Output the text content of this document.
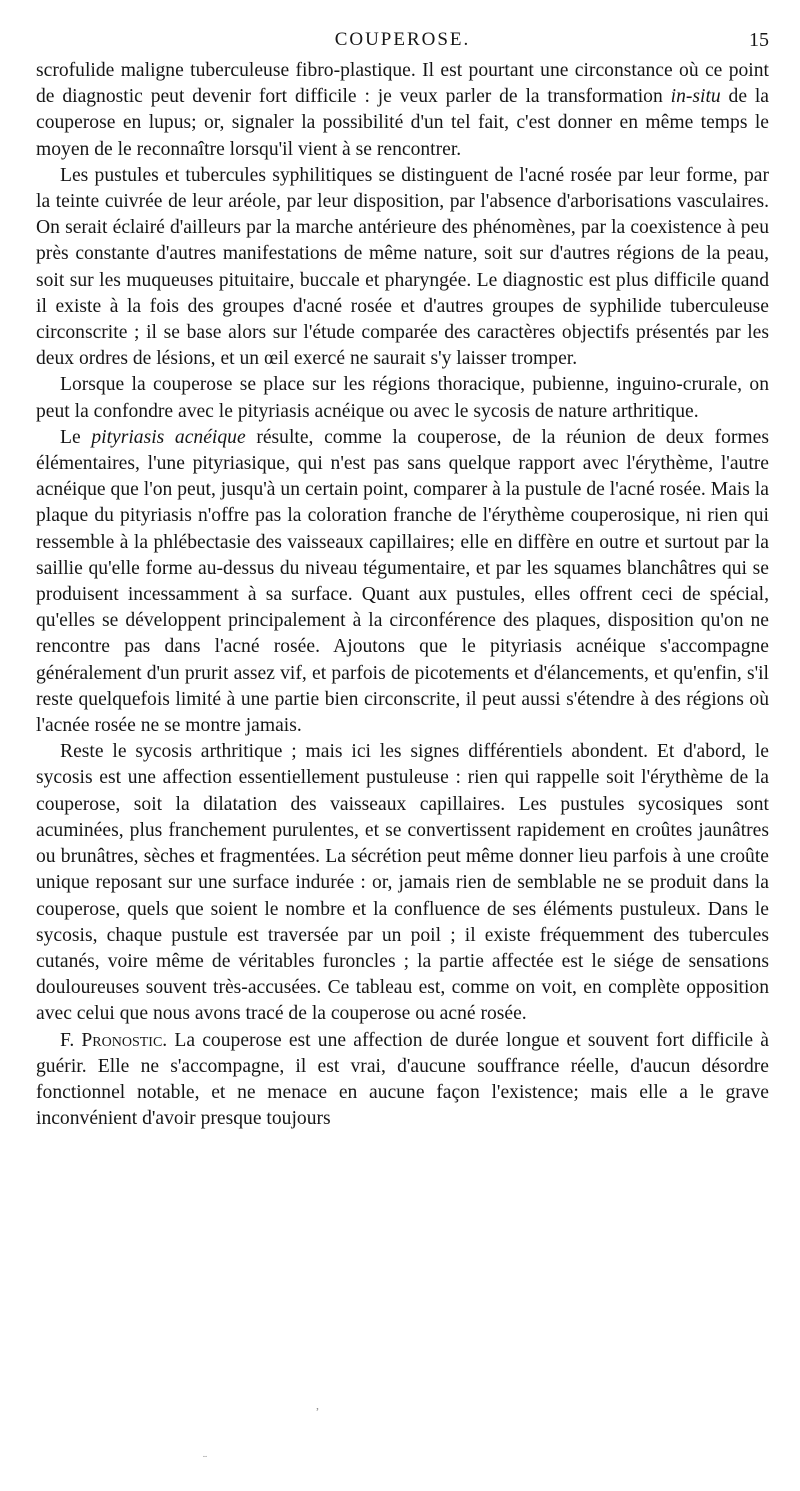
COUPEROSE.	15

scrofulide maligne tuberculeuse fibro-plastique. Il est pourtant une circonstance où ce point de diagnostic peut devenir fort difficile : je veux parler de la transformation in-situ de la couperose en lupus; or, signaler la possibilité d'un tel fait, c'est donner en même temps le moyen de le reconnaître lorsqu'il vient à se rencontrer.

Les pustules et tubercules syphilitiques se distinguent de l'acné rosée par leur forme, par la teinte cuivrée de leur aréole, par leur disposition, par l'absence d'arborisations vasculaires. On serait éclairé d'ailleurs par la marche antérieure des phénomènes, par la coexistence à peu près constante d'autres manifestations de même nature, soit sur d'autres régions de la peau, soit sur les muqueuses pituitaire, buccale et pharyngée. Le diagnostic est plus difficile quand il existe à la fois des groupes d'acné rosée et d'autres groupes de syphilide tuberculeuse circonscrite ; il se base alors sur l'étude comparée des caractères objectifs présentés par les deux ordres de lésions, et un œil exercé ne saurait s'y laisser tromper.

Lorsque la couperose se place sur les régions thoracique, pubienne, inguino-crurale, on peut la confondre avec le pityriasis acnéique ou avec le sycosis de nature arthritique.

Le pityriasis acnéique résulte, comme la couperose, de la réunion de deux formes élémentaires, l'une pityriasique, qui n'est pas sans quelque rapport avec l'érythème, l'autre acnéique que l'on peut, jusqu'à un certain point, comparer à la pustule de l'acné rosée. Mais la plaque du pityriasis n'offre pas la coloration franche de l'érythème couperosique, ni rien qui ressemble à la phlébectasie des vaisseaux capillaires; elle en diffère en outre et surtout par la saillie qu'elle forme au-dessus du niveau tégumentaire, et par les squames blanchâtres qui se produisent incessamment à sa surface. Quant aux pustules, elles offrent ceci de spécial, qu'elles se développent principalement à la circonférence des plaques, disposition qu'on ne rencontre pas dans l'acné rosée. Ajoutons que le pityriasis acnéique s'accompagne généralement d'un prurit assez vif, et parfois de picotements et d'élancements, et qu'enfin, s'il reste quelquefois limité à une partie bien circonscrite, il peut aussi s'étendre à des régions où l'acnée rosée ne se montre jamais.

Reste le sycosis arthritique ; mais ici les signes différentiels abondent. Et d'abord, le sycosis est une affection essentiellement pustuleuse : rien qui rappelle soit l'érythème de la couperose, soit la dilatation des vaisseaux capillaires. Les pustules sycosiques sont acuminées, plus franchement purulentes, et se convertissent rapidement en croûtes jaunâtres ou brunâtres, sèches et fragmentées. La sécrétion peut même donner lieu parfois à une croûte unique reposant sur une surface indurée : or, jamais rien de semblable ne se produit dans la couperose, quels que soient le nombre et la confluence de ses éléments pustuleux. Dans le sycosis, chaque pustule est traversée par un poil ; il existe fréquemment des tubercules cutanés, voire même de véritables furoncles ; la partie affectée est le siége de sensations douloureuses souvent très-accusées. Ce tableau est, comme on voit, en complète opposition avec celui que nous avons tracé de la couperose ou acné rosée.

F. Pronostic. La couperose est une affection de durée longue et souvent fort difficile à guérir. Elle ne s'accompagne, il est vrai, d'aucune souffrance réelle, d'aucun désordre fonctionnel notable, et ne menace en aucune façon l'existence; mais elle a le grave inconvénient d'avoir presque toujours

,
¨
